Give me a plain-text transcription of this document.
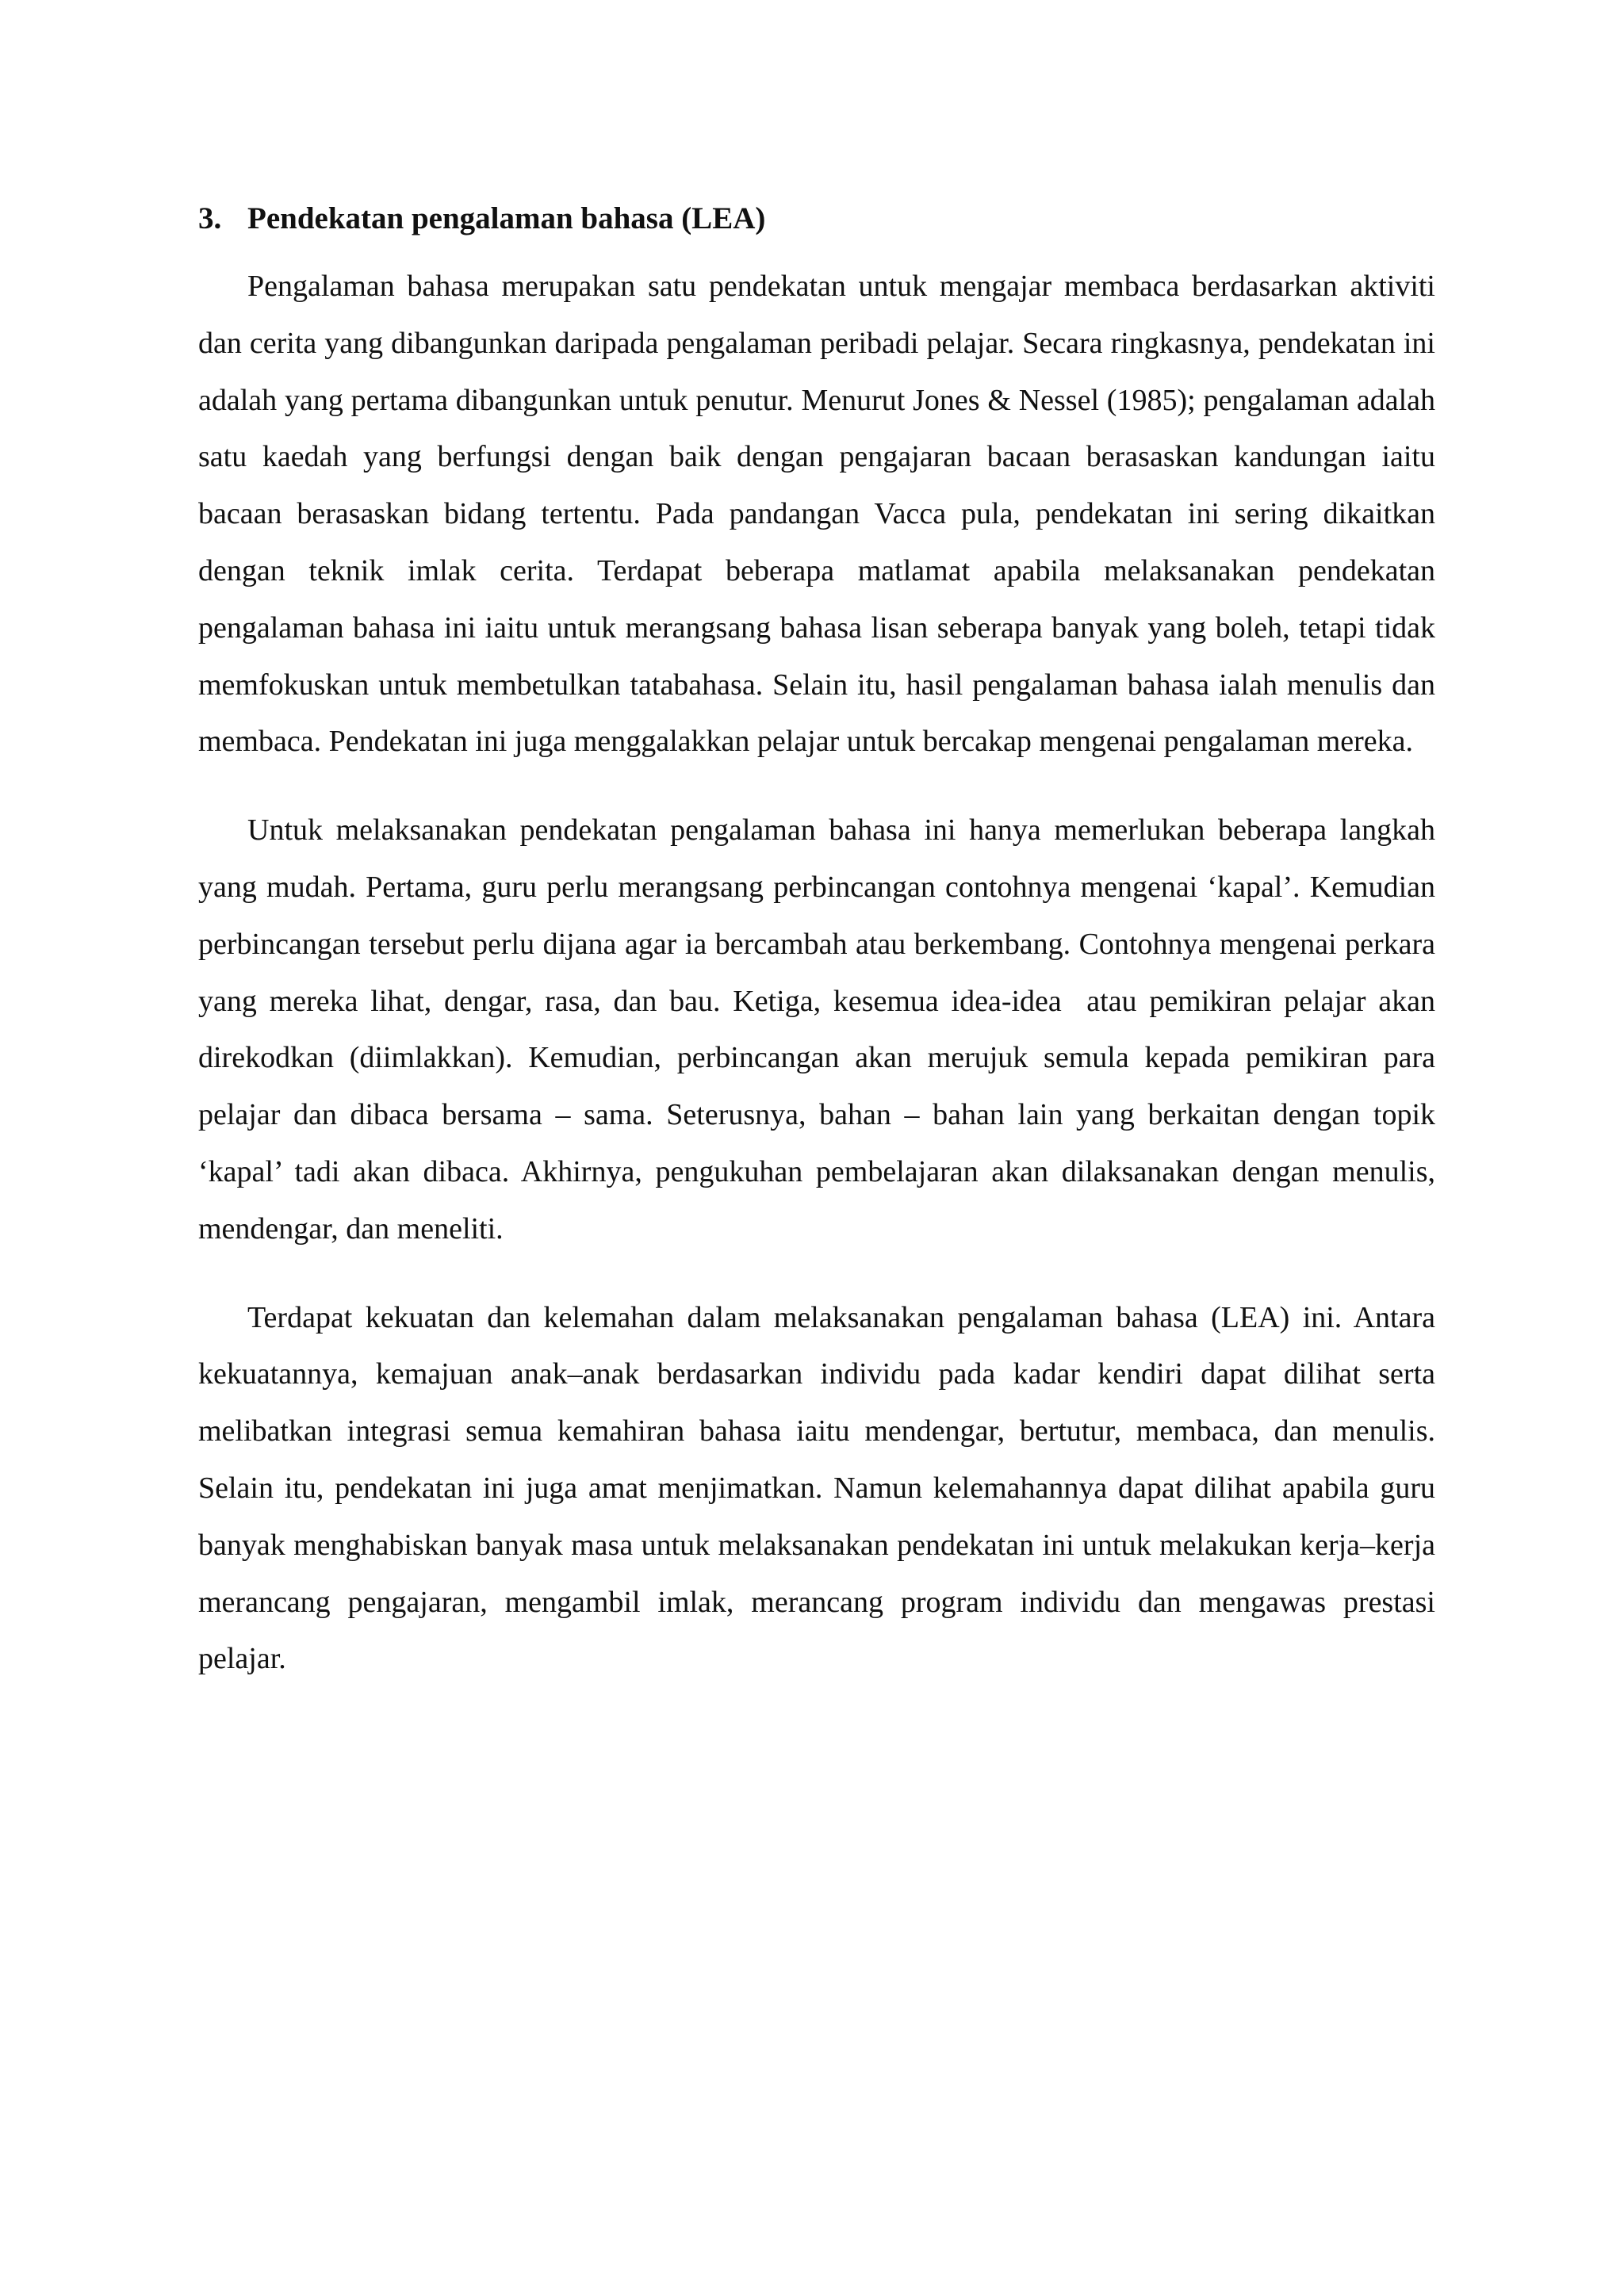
3. Pendekatan pengalaman bahasa (LEA)

Pengalaman bahasa merupakan satu pendekatan untuk mengajar membaca berdasarkan aktiviti dan cerita yang dibangunkan daripada pengalaman peribadi pelajar. Secara ringkasnya, pendekatan ini adalah yang pertama dibangunkan untuk penutur. Menurut Jones & Nessel (1985); pengalaman adalah satu kaedah yang berfungsi dengan baik dengan pengajaran bacaan berasaskan kandungan iaitu bacaan berasaskan bidang tertentu. Pada pandangan Vacca pula, pendekatan ini sering dikaitkan dengan teknik imlak cerita. Terdapat beberapa matlamat apabila melaksanakan pendekatan pengalaman bahasa ini iaitu untuk merangsang bahasa lisan seberapa banyak yang boleh, tetapi tidak memfokuskan untuk membetulkan tatabahasa. Selain itu, hasil pengalaman bahasa ialah menulis dan membaca. Pendekatan ini juga menggalakkan pelajar untuk bercakap mengenai pengalaman mereka.

Untuk melaksanakan pendekatan pengalaman bahasa ini hanya memerlukan beberapa langkah yang mudah. Pertama, guru perlu merangsang perbincangan contohnya mengenai ‘kapal’. Kemudian perbincangan tersebut perlu dijana agar ia bercambah atau berkembang. Contohnya mengenai perkara yang mereka lihat, dengar, rasa, dan bau. Ketiga, kesemua idea-idea  atau pemikiran pelajar akan direkodkan (diimlakkan). Kemudian, perbincangan akan merujuk semula kepada pemikiran para pelajar dan dibaca bersama – sama. Seterusnya, bahan – bahan lain yang berkaitan dengan topik ‘kapal’ tadi akan dibaca. Akhirnya, pengukuhan pembelajaran akan dilaksanakan dengan menulis, mendengar, dan meneliti.

Terdapat kekuatan dan kelemahan dalam melaksanakan pengalaman bahasa (LEA) ini. Antara kekuatannya, kemajuan anak–anak berdasarkan individu pada kadar kendiri dapat dilihat serta melibatkan integrasi semua kemahiran bahasa iaitu mendengar, bertutur, membaca, dan menulis. Selain itu, pendekatan ini juga amat menjimatkan. Namun kelemahannya dapat dilihat apabila guru banyak menghabiskan banyak masa untuk melaksanakan pendekatan ini untuk melakukan kerja–kerja merancang pengajaran, mengambil imlak, merancang program individu dan mengawas prestasi pelajar.
